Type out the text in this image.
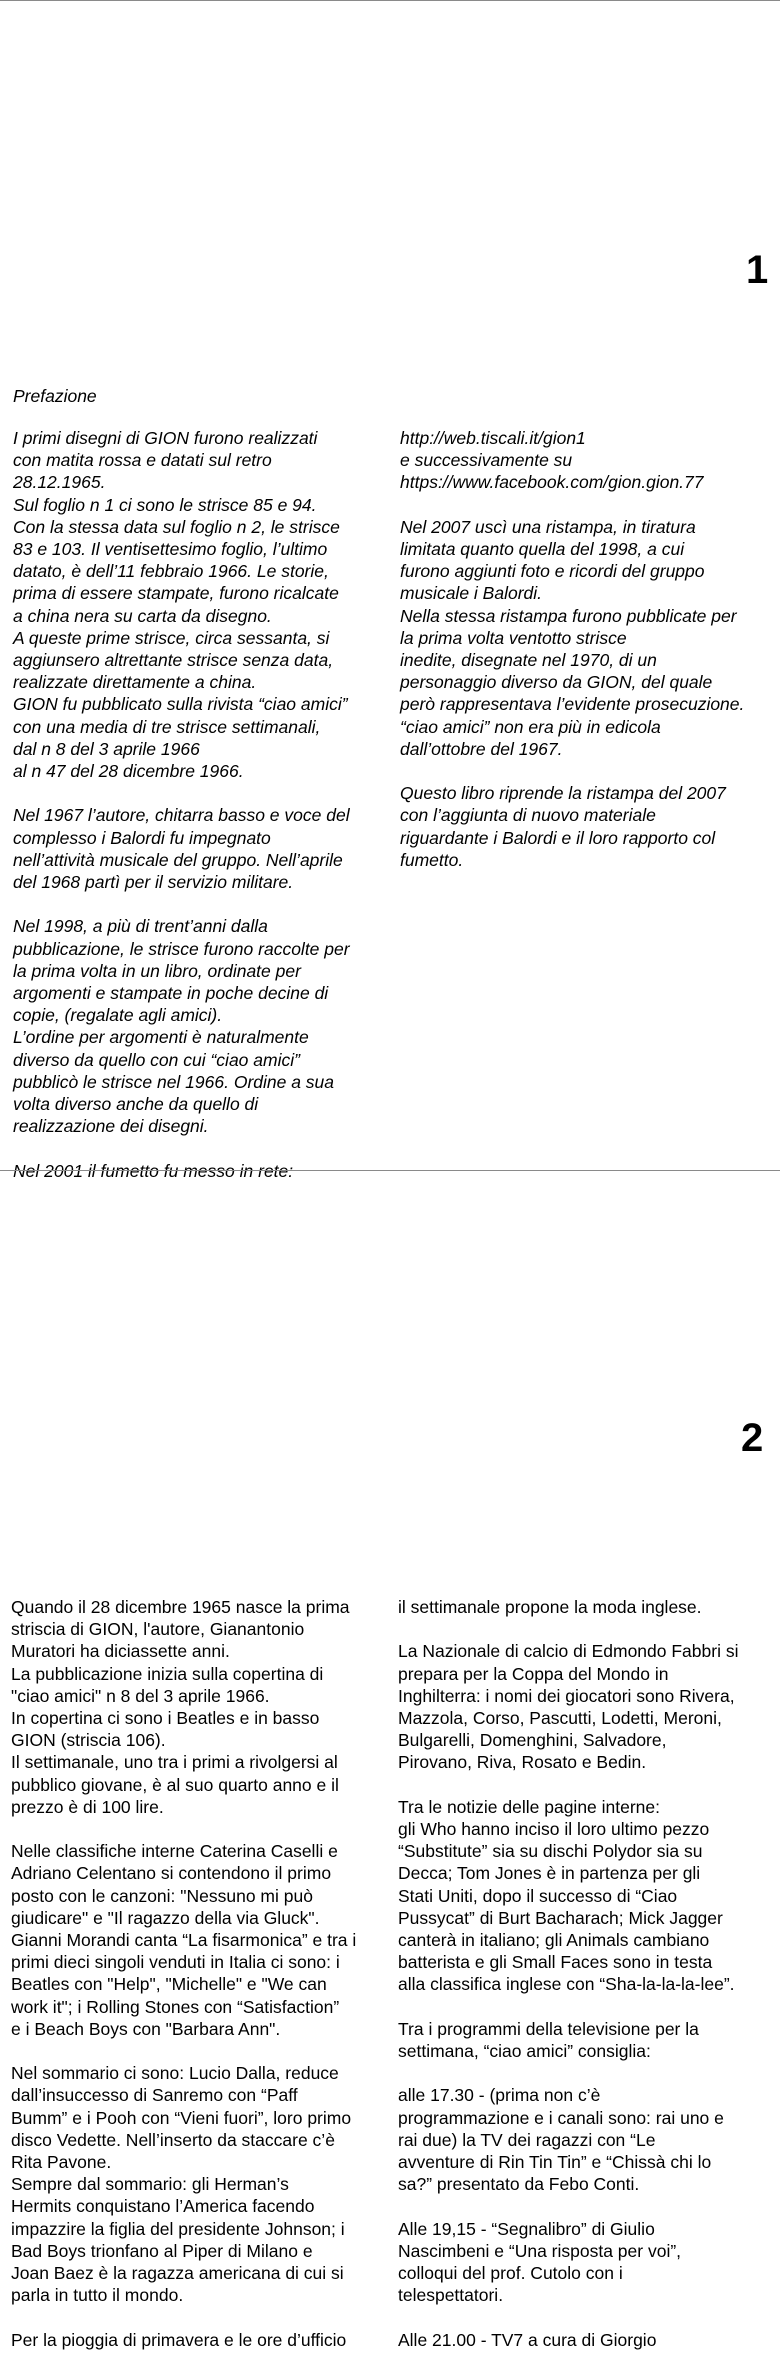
1
Prefazione

I primi disegni di GION furono realizzati
con matita rossa e datati sul retro
28.12.1965.
Sul foglio n 1 ci sono le strisce 85 e 94.
Con la stessa data sul foglio n 2, le strisce
83 e 103. Il ventisettesimo foglio, l’ultimo
datato, è dell’11 febbraio 1966. Le storie,
prima di essere stampate, furono ricalcate
a china nera su carta da disegno.
A queste prime strisce, circa sessanta, si
aggiunsero altrettante strisce senza data,
realizzate direttamente a china.
GION fu pubblicato sulla rivista “ciao amici”
con una media di tre strisce settimanali,
dal n 8 del 3 aprile 1966
al n 47 del 28 dicembre 1966.

Nel 1967 l’autore, chitarra basso e voce del
complesso i Balordi fu impegnato
nell’attività musicale del gruppo. Nell’aprile
del 1968 partì per il servizio militare.

Nel 1998, a più di trent’anni dalla
pubblicazione, le strisce furono raccolte per
la prima volta in un libro, ordinate per
argomenti e stampate in poche decine di
copie, (regalate agli amici).
L’ordine per argomenti è naturalmente
diverso da quello con cui “ciao amici”
pubblicò le strisce nel 1966. Ordine a sua
volta diverso anche da quello di
realizzazione dei disegni.

Nel 2001 il fumetto fu messo in rete:

http://web.tiscali.it/gion1
e successivamente su
https://www.facebook.com/gion.gion.77

Nel 2007 uscì una ristampa, in tiratura
limitata quanto quella del 1998, a cui
furono aggiunti foto e ricordi del gruppo
musicale i Balordi.
Nella stessa ristampa furono pubblicate per
la prima volta ventotto strisce
inedite, disegnate nel 1970, di un
personaggio diverso da GION, del quale
però rappresentava l’evidente prosecuzione.
“ciao amici” non era più in edicola
dall’ottobre del 1967.

Questo libro riprende la ristampa del 2007
con l’aggiunta di nuovo materiale
riguardante i Balordi e il loro rapporto col
fumetto.

2

Quando il 28 dicembre 1965 nasce la prima
striscia di GION, l'autore, Gianantonio
Muratori ha diciassette anni.
La pubblicazione inizia sulla copertina di
"ciao amici" n 8 del 3 aprile 1966.
In copertina ci sono i Beatles e in basso
GION (striscia 106).
Il settimanale, uno tra i primi a rivolgersi al
pubblico giovane, è al suo quarto anno e il
prezzo è di 100 lire.

Nelle classifiche interne Caterina Caselli e
Adriano Celentano si contendono il primo
posto con le canzoni: "Nessuno mi può
giudicare" e "Il ragazzo della via Gluck".
Gianni Morandi canta “La fisarmonica” e tra i
primi dieci singoli venduti in Italia ci sono: i
Beatles con "Help", "Michelle" e "We can
work it"; i Rolling Stones con “Satisfaction”
e i Beach Boys con "Barbara Ann".

Nel sommario ci sono: Lucio Dalla, reduce
dall’insuccesso di Sanremo con “Paff
Bumm” e i Pooh con “Vieni fuori”, loro primo
disco Vedette. Nell’inserto da staccare c’è
Rita Pavone.
Sempre dal sommario: gli Herman’s
Hermits conquistano l’America facendo
impazzire la figlia del presidente Johnson; i
Bad Boys trionfano al Piper di Milano e
Joan Baez è la ragazza americana di cui si
parla in tutto il mondo.

Per la pioggia di primavera e le ore d’ufficio

il settimanale propone la moda inglese.

La Nazionale di calcio di Edmondo Fabbri si
prepara per la Coppa del Mondo in
Inghilterra: i nomi dei giocatori sono Rivera,
Mazzola, Corso, Pascutti, Lodetti, Meroni,
Bulgarelli, Domenghini, Salvadore,
Pirovano, Riva, Rosato e Bedin.

Tra le notizie delle pagine interne:
gli Who hanno inciso il loro ultimo pezzo
“Substitute” sia su dischi Polydor sia su
Decca; Tom Jones è in partenza per gli
Stati Uniti, dopo il successo di “Ciao
Pussycat” di Burt Bacharach; Mick Jagger
canterà in italiano; gli Animals cambiano
batterista e gli Small Faces sono in testa
alla classifica inglese con “Sha-la-la-la-lee”.

Tra i programmi della televisione per la
settimana, “ciao amici” consiglia:

alle 17.30 - (prima non c’è
programmazione e i canali sono: rai uno e
rai due) la TV dei ragazzi con “Le
avventure di Rin Tin Tin” e “Chissà chi lo
sa?” presentato da Febo Conti.

Alle 19,15 - “Segnalibro” di Giulio
Nascimbeni e “Una risposta per voi”,
colloqui del prof. Cutolo con i
telespettatori.

Alle 21.00 - TV7 a cura di Giorgio
